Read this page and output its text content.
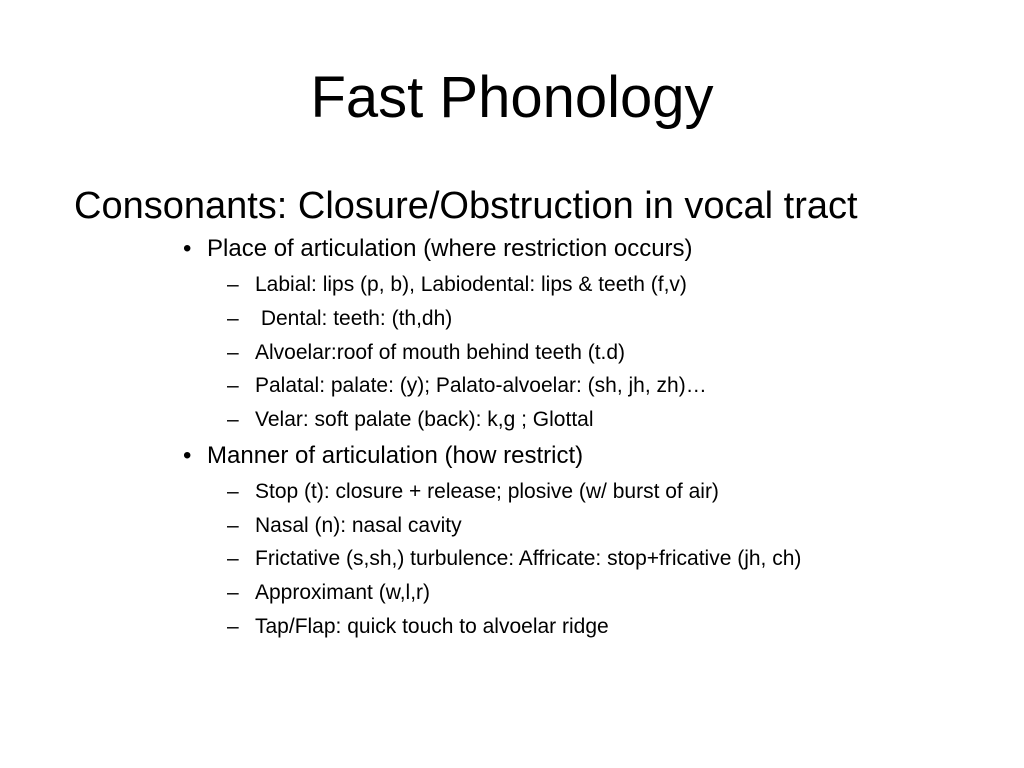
Fast Phonology
Consonants: Closure/Obstruction in vocal tract
• Place of articulation (where restriction occurs)
– Labial: lips (p, b), Labiodental: lips & teeth (f,v)
– Dental: teeth: (th,dh)
– Alvoelar:roof of mouth behind teeth (t.d)
– Palatal: palate: (y); Palato-alvoelar: (sh, jh, zh)…
– Velar: soft palate (back): k,g ; Glottal
• Manner of articulation (how restrict)
– Stop (t): closure + release; plosive (w/ burst of air)
– Nasal (n): nasal cavity
– Frictative (s,sh,) turbulence: Affricate: stop+fricative (jh, ch)
– Approximant (w,l,r)
– Tap/Flap: quick touch to alvoelar ridge
